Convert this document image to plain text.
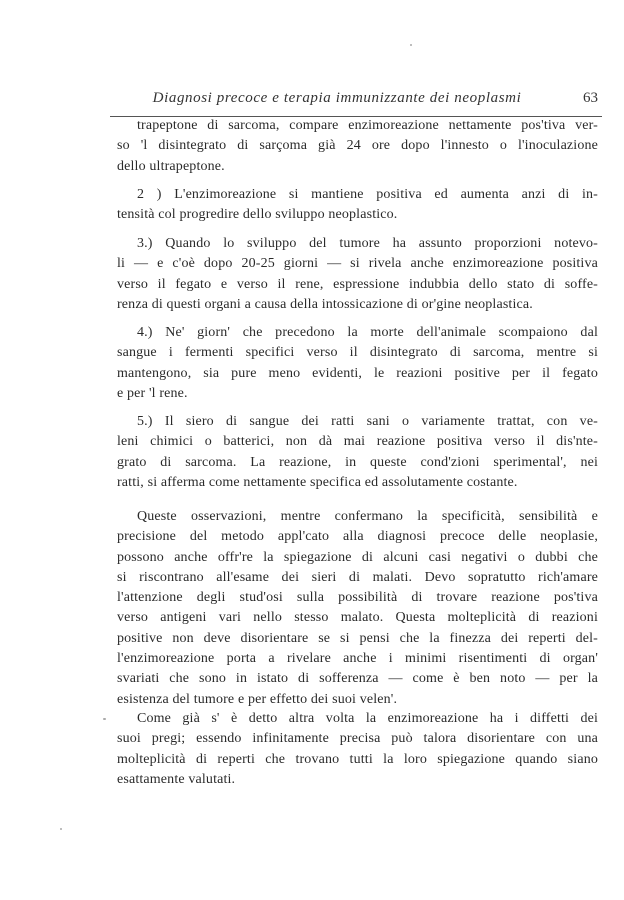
Diagnosi precoce e terapia immunizzante dei neoplasmi	63
trapeptone di sarcoma, compare enzimoreazione nettamente pos'tiva ver-
so 'l disintegrato di sarçoma già 24 ore dopo l'innesto o l'inoculazione
dello ultrapeptone.
2 ) L'enzimoreazione si mantiene positiva ed aumenta anzi di in-
tensità col progredire dello sviluppo neoplastico.
3.) Quando lo sviluppo del tumore ha assunto proporzioni notevo-
li — e c'oè dopo 20-25 giorni — si rivela anche enzimoreazione positiva
verso il fegato e verso il rene, espressione indubbia dello stato di soffe-
renza di questi organi a causa della intossicazione di or'gine neoplastica.
4.) Ne' giorn' che precedono la morte dell'animale scompaiono dal
sangue i fermenti specifici verso il disintegrato di sarcoma, mentre si
mantengono, sia pure meno evidenti, le reazioni positive per il fegato
e per 'l rene.
5.) Il siero di sangue dei ratti sani o variamente trattat, con ve-
leni chimici o batterici, non dà mai reazione positiva verso il dis'nte-
grato di sarcoma. La reazione, in queste cond'zioni sperimental', nei
ratti, si afferma come nettamente specifica ed assolutamente costante.
Queste osservazioni, mentre confermano la specificità, sensibilità e
precisione del metodo appl'cato alla diagnosi precoce delle neoplasie,
possono anche offr're la spiegazione di alcuni casi negativi o dubbi che
si riscontrano all'esame dei sieri di malati. Devo sopratutto rich'amare
l'attenzione degli stud'osi sulla possibilità di trovare reazione pos'tiva
verso antigeni vari nello stesso malato. Questa molteplicità di reazioni
positive non deve disorientare se si pensi che la finezza dei reperti del-
l'enzimoreazione porta a rivelare anche i minimi risentimenti di organ'
svariati che sono in istato di sofferenza — come è ben noto — per la
esistenza del tumore e per effetto dei suoi velen'.
Come già s' è detto altra volta la enzimoreazione ha i diffetti dei
suoi pregi; essendo infinitamente precisa può talora disorientare con una
molteplicità di reperti che trovano tutti la loro spiegazione quando siano
esattamente valutati.
